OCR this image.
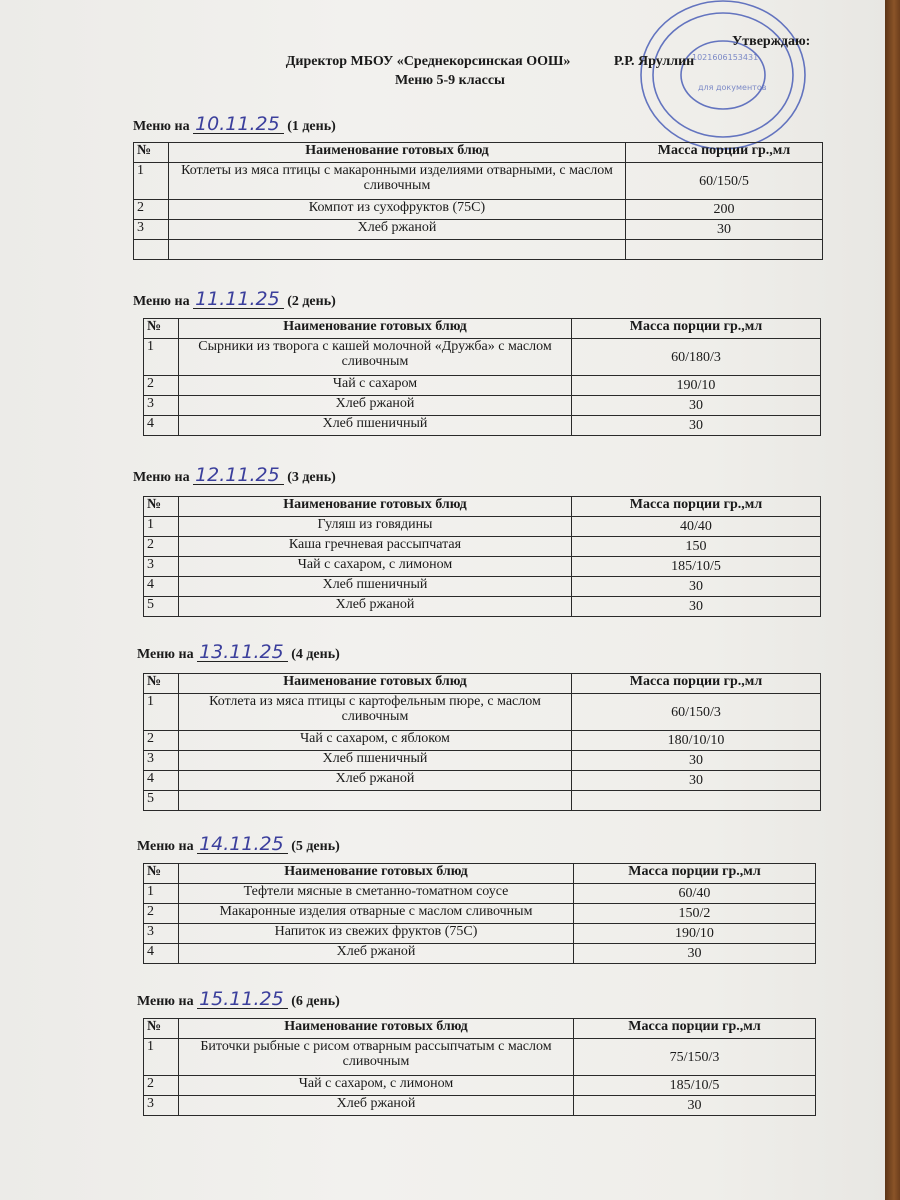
1021606153431
для документов
Утверждаю:
Директор МБОУ «Среднекорсинская ООШ»	Р.Р. Яруллин
Меню 5-9 классы
Меню на 10.11.25 (1 день)
№	Наименование готовых блюд	Масса порции гр.,мл
1	Котлеты из мяса птицы с макаронными изделиями отварными, с маслом сливочным	60/150/5
2	Компот из сухофруктов (75С)	200
3	Хлеб ржаной	30

Меню на 11.11.25 (2 день)
№	Наименование готовых блюд	Масса порции гр.,мл
1	Сырники из творога с кашей молочной «Дружба» с маслом сливочным	60/180/3
2	Чай с сахаром	190/10
3	Хлеб ржаной	30
4	Хлеб пшеничный	30
Меню на 12.11.25 (3 день)
№	Наименование готовых блюд	Масса порции гр.,мл
1	Гуляш из говядины	40/40
2	Каша гречневая рассыпчатая	150
3	Чай с сахаром, с лимоном	185/10/5
4	Хлеб пшеничный	30
5	Хлеб ржаной	30
Меню на 13.11.25 (4 день)
№	Наименование готовых блюд	Масса порции гр.,мл
1	Котлета из мяса птицы с картофельным пюре, с маслом сливочным	60/150/3
2	Чай с сахаром, с яблоком	180/10/10
3	Хлеб пшеничный	30
4	Хлеб ржаной	30
5		
Меню на 14.11.25 (5 день)
№	Наименование готовых блюд	Масса порции гр.,мл
1	Тефтели мясные в сметанно-томатном соусе	60/40
2	Макаронные изделия отварные с маслом сливочным	150/2
3	Напиток из свежих фруктов (75С)	190/10
4	Хлеб ржаной	30
Меню на 15.11.25 (6 день)
№	Наименование готовых блюд	Масса порции гр.,мл
1	Биточки рыбные с рисом отварным рассыпчатым с маслом сливочным	75/150/3
2	Чай с сахаром, с лимоном	185/10/5
3	Хлеб ржаной	30
